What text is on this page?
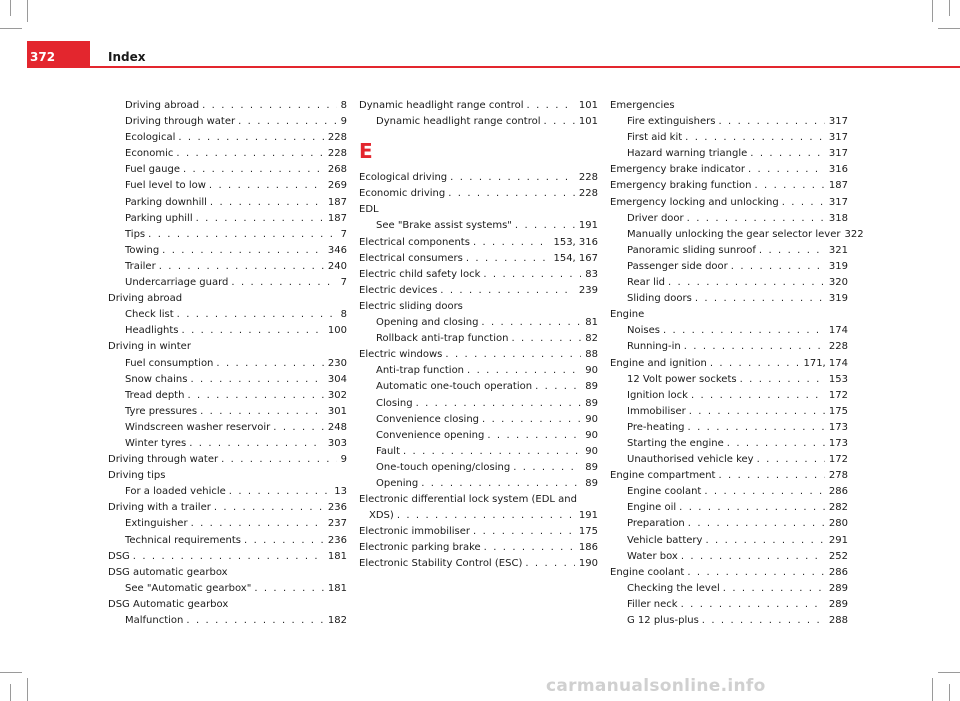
372	Index
Driving abroad . . .	8
Driving through water . . .	9
Ecological . . .	228
Economic . . .	228
Fuel gauge . . .	268
Fuel level to low . . .	269
Parking downhill . . .	187
Parking uphill . . .	187
Tips . . .	7
Towing . . .	346
Trailer . . .	240
Undercarriage guard . . .	7
Driving abroad
Check list . . .	8
Headlights . . .	100
Driving in winter
Fuel consumption . . .	230
Snow chains . . .	304
Tread depth . . .	302
Tyre pressures . . .	301
Windscreen washer reservoir . . .	248
Winter tyres . . .	303
Driving through water . . .	9
Driving tips
For a loaded vehicle . . .	13
Driving with a trailer . . .	236
Extinguisher . . .	237
Technical requirements . . .	236
DSG . . .	181
DSG automatic gearbox
See "Automatic gearbox" . . .	181
DSG Automatic gearbox
Malfunction . . .	182
Dynamic headlight range control . . .	101
Dynamic headlight range control . . .	101
E
Ecological driving . . .	228
Economic driving . . .	228
EDL
See "Brake assist systems" . . .	191
Electrical components . . .	153, 316
Electrical consumers . . .	154, 167
Electric child safety lock . . .	83
Electric devices . . .	239
Electric sliding doors
Opening and closing . . .	81
Rollback anti-trap function . . .	82
Electric windows . . .	88
Anti-trap function . . .	90
Automatic one-touch operation . . .	89
Closing . . .	89
Convenience closing . . .	90
Convenience opening . . .	90
Fault . . .	90
One-touch opening/closing . . .	89
Opening . . .	89
Electronic differential lock system (EDL and
XDS) . . .	191
Electronic immobiliser . . .	175
Electronic parking brake . . .	186
Electronic Stability Control (ESC) . . .	190
Emergencies
Fire extinguishers . . .	317
First aid kit . . .	317
Hazard warning triangle . . .	317
Emergency brake indicator . . .	316
Emergency braking function . . .	187
Emergency locking and unlocking . . .	317
Driver door . . .	318
Manually unlocking the gear selector lever 322
Panoramic sliding sunroof . . .	321
Passenger side door . . .	319
Rear lid . . .	320
Sliding doors . . .	319
Engine
Noises . . .	174
Running-in . . .	228
Engine and ignition . . .	171, 174
12 Volt power sockets . . .	153
Ignition lock . . .	172
Immobiliser . . .	175
Pre-heating . . .	173
Starting the engine . . .	173
Unauthorised vehicle key . . .	172
Engine compartment . . .	278
Engine coolant . . .	286
Engine oil . . .	282
Preparation . . .	280
Vehicle battery . . .	291
Water box . . .	252
Engine coolant . . .	286
Checking the level . . .	289
Filler neck . . .	289
G 12 plus-plus . . .	288
carmanualsonline.info
